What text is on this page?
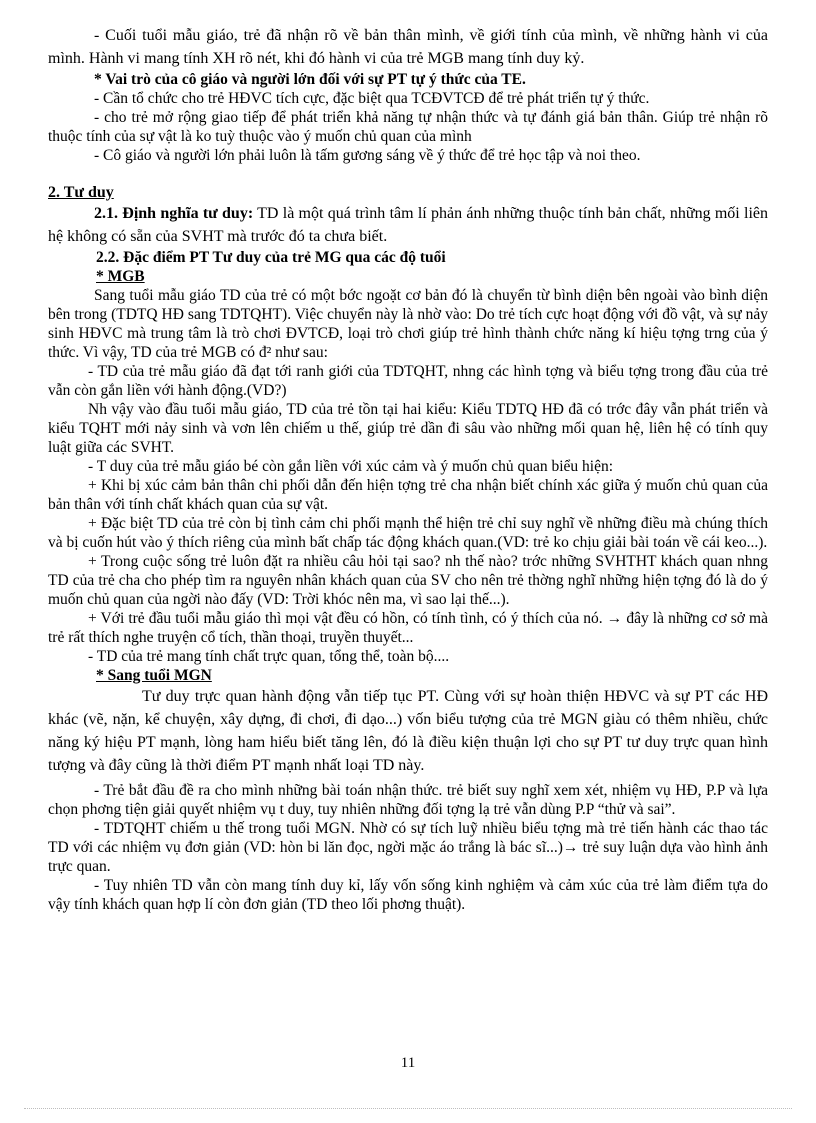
- Cuối tuổi mẫu giáo, trẻ đã nhận rõ về bản thân mình, về giới tính của mình, về những hành vi của mình. Hành vi mang tính XH rõ nét, khi đó hành vi của trẻ MGB mang tính duy kỷ.

* Vai trò của cô giáo và người lớn đối với sự PT tự ý thức của TE.

- Cần tổ chức cho trẻ HĐVC tích cực, đặc biệt qua TCĐVTCĐ để trẻ phát triển tự ý thức.

- cho trẻ mở rộng giao tiếp để phát triển khả năng tự nhận thức và tự đánh giá bản thân. Giúp trẻ nhận rõ thuộc tính của sự vật là ko tuỳ thuộc vào ý muốn chủ quan của mình

- Cô giáo và người lớn phải luôn là tấm gương sáng về ý thức để trẻ học tập và noi theo.

2. Tư duy

2.1. Định nghĩa tư duy: TD là một quá trình tâm lí phản ánh những thuộc tính bản chất, những mối liên hệ không có sẵn của SVHT mà trước đó ta chưa biết.

2.2. Đặc điểm PT Tư duy của trẻ MG qua các độ tuổi

* MGB

Sang tuổi mẫu giáo TD của trẻ có một bớc ngoặt cơ bản đó là chuyển từ bình diện bên ngoài vào bình diện bên trong (TDTQ HĐ sang TDTQHT). Việc chuyển này là nhờ vào: Do trẻ tích cực hoạt động với đồ vật, và sự nảy sinh HĐVC mà trung tâm là trò chơi ĐVTCĐ, loại trò chơi giúp trẻ hình thành chức năng kí hiệu tợng trng của ý thức. Vì vậy, TD của trẻ MGB có đ² như sau:

- TD của trẻ mẫu giáo đã đạt tới ranh giới của TDTQHT, nhng các hình tợng và biểu tợng trong đầu của trẻ vẫn còn gắn liền với hành động.(VD?)

Nh vậy vào đầu tuổi mẫu giáo, TD của trẻ tồn tại hai kiểu: Kiểu TDTQ HĐ đã có trớc đây vẫn phát triển và kiểu TQHT mới nảy sinh và vơn lên chiếm u thế, giúp trẻ dần đi sâu vào những mối quan hệ, liên hệ có tính quy luật giữa các SVHT.

- T duy của trẻ mẫu giáo bé còn gắn liền với xúc cảm và ý muốn chủ quan biểu hiện:

+ Khi bị xúc cảm bản thân chi phối dẫn đến hiện tợng trẻ cha nhận biết chính xác giữa ý muốn chủ quan của bản thân với tính chất khách quan của sự vật.

+ Đặc biệt TD của trẻ còn bị tình cảm chi phối mạnh thể hiện trẻ chỉ suy nghĩ về những điều mà chúng thích và bị cuốn hút vào ý thích riêng của mình bất chấp tác động khách quan.(VD: trẻ ko chịu giải bài toán về cái keo...).

+ Trong cuộc sống trẻ luôn đặt ra nhiều câu hỏi tại sao? nh thế nào? trớc những SVHTHT khách quan nhng TD của trẻ cha cho phép tìm ra nguyên nhân khách quan của SV cho nên trẻ thờng nghĩ những hiện tợng đó là do ý muốn chủ quan của ngời nào đấy (VD: Trời khóc nên ma, vì sao lại thế...).

+ Với trẻ đầu tuổi mẫu giáo thì mọi vật đều có hồn, có tính tình, có ý thích của nó. → đây là những cơ sở mà trẻ rất thích nghe truyện cổ tích, thần thoại, truyền thuyết...

- TD của trẻ mang tính chất trực quan, tổng thể, toàn bộ....

* Sang tuổi MGN

Tư duy trực quan hành động vẫn tiếp tục PT. Cùng với sự hoàn thiện HĐVC và sự PT các HĐ khác (vẽ, nặn, kể chuyện, xây dựng, đi chơi, đi dạo...) vốn biểu tượng của trẻ MGN giàu có thêm nhiều, chức năng ký hiệu PT mạnh, lòng ham hiểu biết tăng lên, đó là điều kiện thuận lợi cho sự PT tư duy trực quan hình tượng và đây cũng là thời điểm PT mạnh nhất loại TD này.

- Trẻ bắt đầu đề ra cho mình những bài toán nhận thức. trẻ biết suy nghĩ xem xét, nhiệm vụ HĐ, P.P và lựa chọn phơng tiện giải quyết nhiệm vụ t duy, tuy nhiên những đối tợng lạ trẻ vẫn dùng P.P “thử và sai”.

- TDTQHT chiếm u thế trong tuổi MGN. Nhờ có sự tích luỹ nhiều biểu tợng mà trẻ tiến hành các thao tác TD với các nhiệm vụ đơn giản (VD: hòn bi lăn đọc, ngời mặc áo trắng là bác sĩ...)→ trẻ suy luận dựa vào hình ảnh trực quan.

- Tuy nhiên TD vẫn còn mang tính duy kỉ, lấy vốn sống kinh nghiệm và cảm xúc của trẻ làm điểm tựa do vậy tính khách quan hợp lí còn đơn giản (TD theo lối phơng thuật).

11
